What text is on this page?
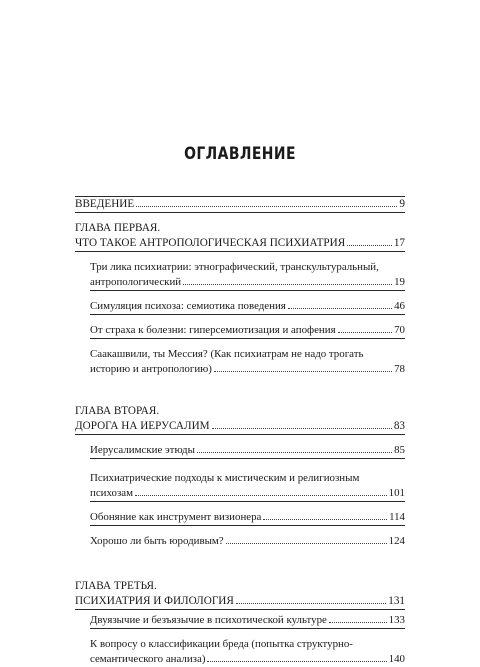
ОГЛАВЛЕНИЕ
ВВЕДЕНИЕ	9
ГЛАВА ПЕРВАЯ.
ЧТО ТАКОЕ АНТРОПОЛОГИЧЕСКАЯ ПСИХИАТРИЯ	17
Три лика психиатрии: этнографический, транскультуральный,
антропологический	19
Симуляция психоза: семиотика поведения	46
От страха к болезни: гиперсемиотизация и апофения	70
Саакашвили, ты Мессия? (Как психиатрам не надо трогать
историю и антропологию)	78
ГЛАВА ВТОРАЯ.
ДОРОГА НА ИЕРУСАЛИМ	83
Иерусалимские этюды	85
Психиатрические подходы к мистическим и религиозным
психозам	101
Обоняние как инструмент визионера	114
Хорошо ли быть юродивым?	124
ГЛАВА ТРЕТЬЯ.
ПСИХИАТРИЯ И ФИЛОЛОГИЯ	131
Двуязычие и безъязычие в психотической культуре	133
К вопросу о классификации бреда (попытка структурно-
семантического анализа)	140
